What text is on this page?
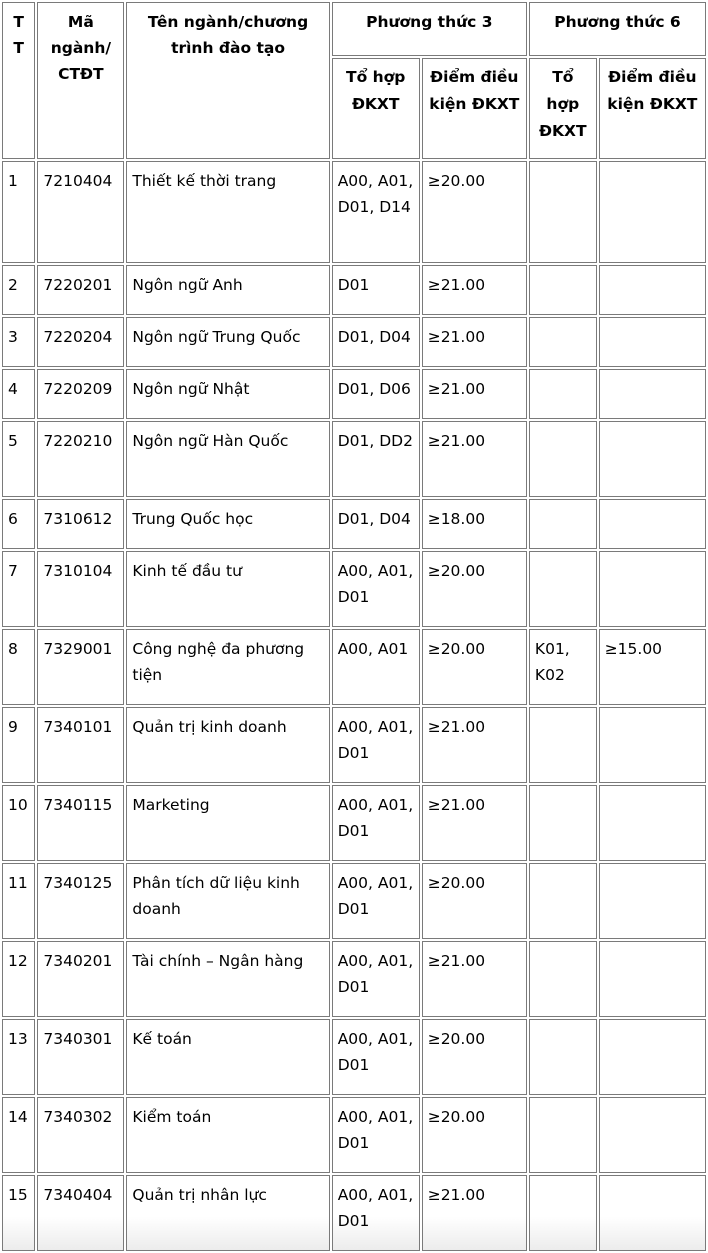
TT	Mã ngành/ CTĐT	Tên ngành/chương trình đào tạo	Phương thức 3		Phương thức 6	
			Tổ hợp ĐKXT	Điểm điều kiện ĐKXT	Tổ hợp ĐKXT	Điểm điều kiện ĐKXT
1	7210404	Thiết kế thời trang	A00, A01, D01, D14	≥20.00		
2	7220201	Ngôn ngữ Anh	D01	≥21.00		
3	7220204	Ngôn ngữ Trung Quốc	D01, D04	≥21.00		
4	7220209	Ngôn ngữ Nhật	D01, D06	≥21.00		
5	7220210	Ngôn ngữ Hàn Quốc	D01, DD2	≥21.00		
6	7310612	Trung Quốc học	D01, D04	≥18.00		
7	7310104	Kinh tế đầu tư	A00, A01, D01	≥20.00		
8	7329001	Công nghệ đa phương tiện	A00, A01	≥20.00	K01, K02	≥15.00
9	7340101	Quản trị kinh doanh	A00, A01, D01	≥21.00		
10	7340115	Marketing	A00, A01, D01	≥21.00		
11	7340125	Phân tích dữ liệu kinh doanh	A00, A01, D01	≥20.00		
12	7340201	Tài chính – Ngân hàng	A00, A01, D01	≥21.00		
13	7340301	Kế toán	A00, A01, D01	≥20.00		
14	7340302	Kiểm toán	A00, A01, D01	≥20.00		
15	7340404	Quản trị nhân lực	A00, A01, D01	≥21.00		
